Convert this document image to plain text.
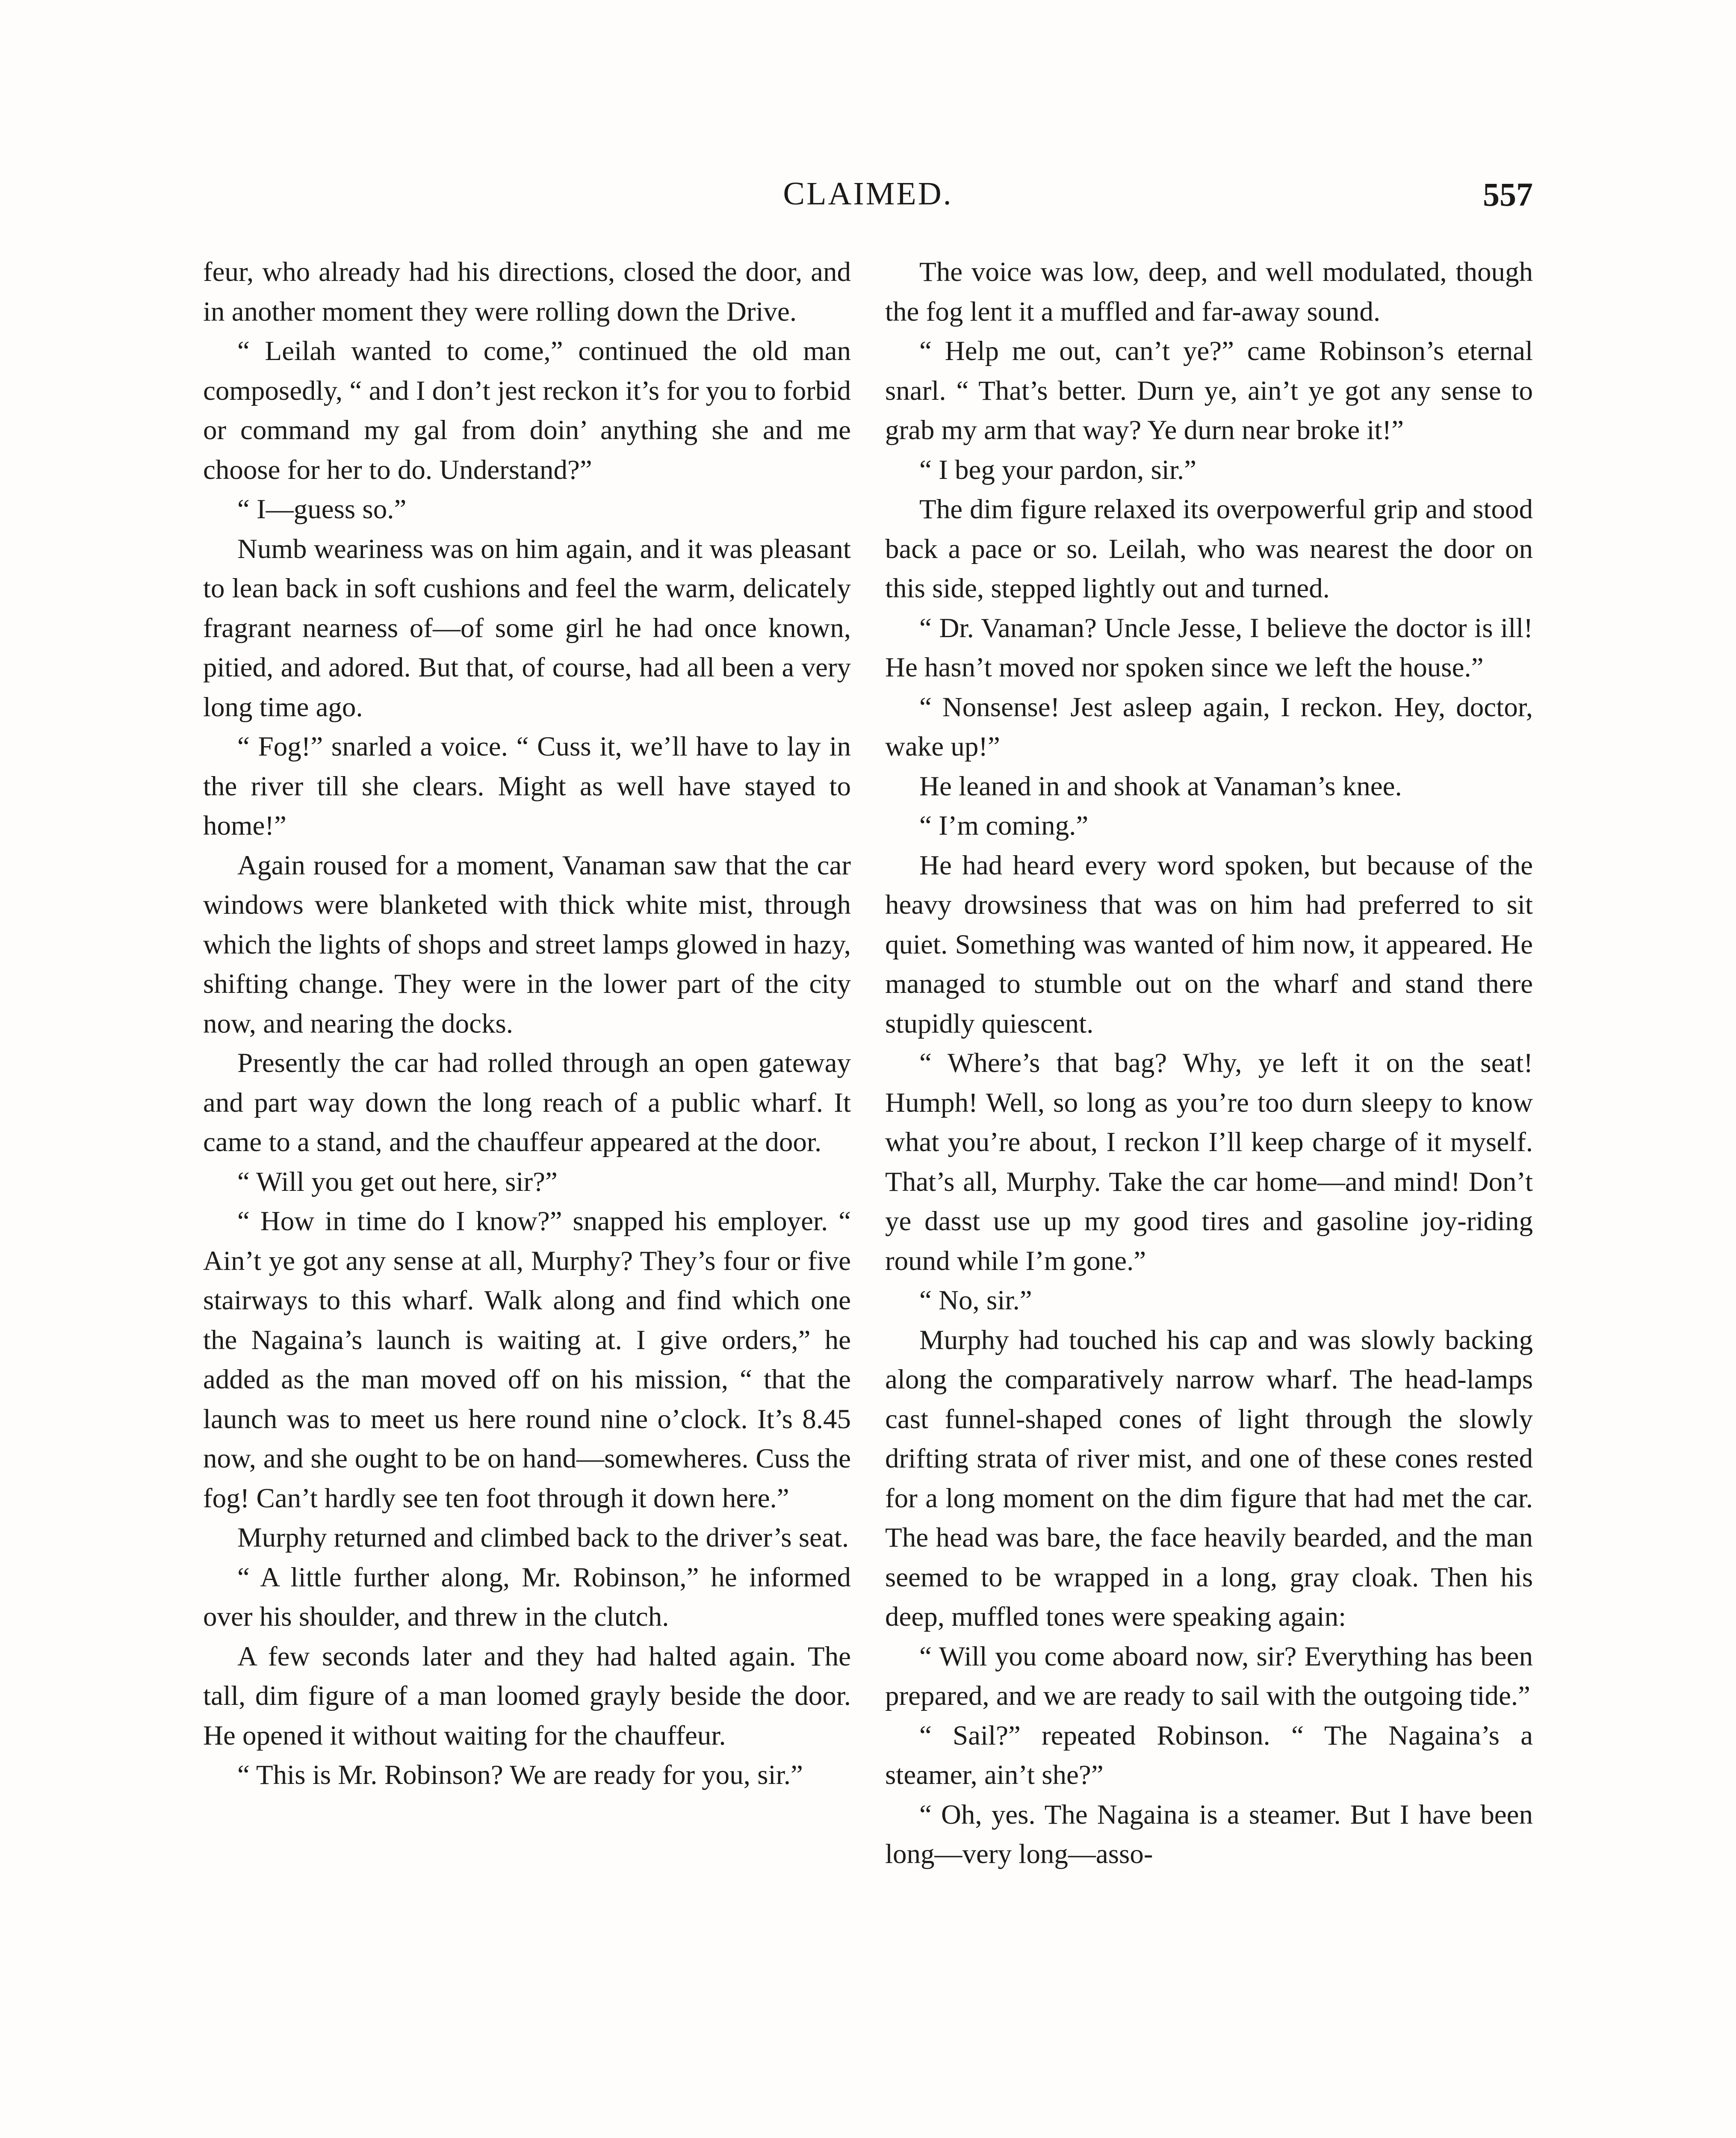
CLAIMED.	557

feur, who already had his directions, closed the door, and in another moment they were rolling down the Drive.

“ Leilah wanted to come,” continued the old man composedly, “ and I don’t jest reckon it’s for you to forbid or command my gal from doin’ anything she and me choose for her to do. Understand?”

“ I—guess so.”

Numb weariness was on him again, and it was pleasant to lean back in soft cushions and feel the warm, delicately fragrant nearness of—of some girl he had once known, pitied, and adored. But that, of course, had all been a very long time ago.

“ Fog!” snarled a voice. “ Cuss it, we’ll have to lay in the river till she clears. Might as well have stayed to home!”

Again roused for a moment, Vanaman saw that the car windows were blanketed with thick white mist, through which the lights of shops and street lamps glowed in hazy, shifting change. They were in the lower part of the city now, and nearing the docks.

Presently the car had rolled through an open gateway and part way down the long reach of a public wharf. It came to a stand, and the chauffeur appeared at the door.

“ Will you get out here, sir?”

“ How in time do I know?” snapped his employer. “ Ain’t ye got any sense at all, Murphy? They’s four or five stairways to this wharf. Walk along and find which one the Nagaina’s launch is waiting at. I give orders,” he added as the man moved off on his mission, “ that the launch was to meet us here round nine o’clock. It’s 8.45 now, and she ought to be on hand—somewheres. Cuss the fog! Can’t hardly see ten foot through it down here.”

Murphy returned and climbed back to the driver’s seat.

“ A little further along, Mr. Robinson,” he informed over his shoulder, and threw in the clutch.

A few seconds later and they had halted again. The tall, dim figure of a man loomed grayly beside the door. He opened it without waiting for the chauffeur.

“ This is Mr. Robinson? We are ready for you, sir.”

The voice was low, deep, and well modulated, though the fog lent it a muffled and far-away sound.

“ Help me out, can’t ye?” came Robinson’s eternal snarl. “ That’s better. Durn ye, ain’t ye got any sense to grab my arm that way? Ye durn near broke it!”

“ I beg your pardon, sir.”

The dim figure relaxed its overpowerful grip and stood back a pace or so. Leilah, who was nearest the door on this side, stepped lightly out and turned.

“ Dr. Vanaman? Uncle Jesse, I believe the doctor is ill! He hasn’t moved nor spoken since we left the house.”

“ Nonsense! Jest asleep again, I reckon. Hey, doctor, wake up!”

He leaned in and shook at Vanaman’s knee.

“ I’m coming.”

He had heard every word spoken, but because of the heavy drowsiness that was on him had preferred to sit quiet. Something was wanted of him now, it appeared. He managed to stumble out on the wharf and stand there stupidly quiescent.

“ Where’s that bag? Why, ye left it on the seat! Humph! Well, so long as you’re too durn sleepy to know what you’re about, I reckon I’ll keep charge of it myself. That’s all, Murphy. Take the car home—and mind! Don’t ye dasst use up my good tires and gasoline joy-riding round while I’m gone.”

“ No, sir.”

Murphy had touched his cap and was slowly backing along the comparatively narrow wharf. The head-lamps cast funnel-shaped cones of light through the slowly drifting strata of river mist, and one of these cones rested for a long moment on the dim figure that had met the car. The head was bare, the face heavily bearded, and the man seemed to be wrapped in a long, gray cloak. Then his deep, muffled tones were speaking again:

“ Will you come aboard now, sir? Everything has been prepared, and we are ready to sail with the outgoing tide.”

“ Sail?” repeated Robinson. “ The Nagaina’s a steamer, ain’t she?”

“ Oh, yes. The Nagaina is a steamer. But I have been long—very long—asso-
